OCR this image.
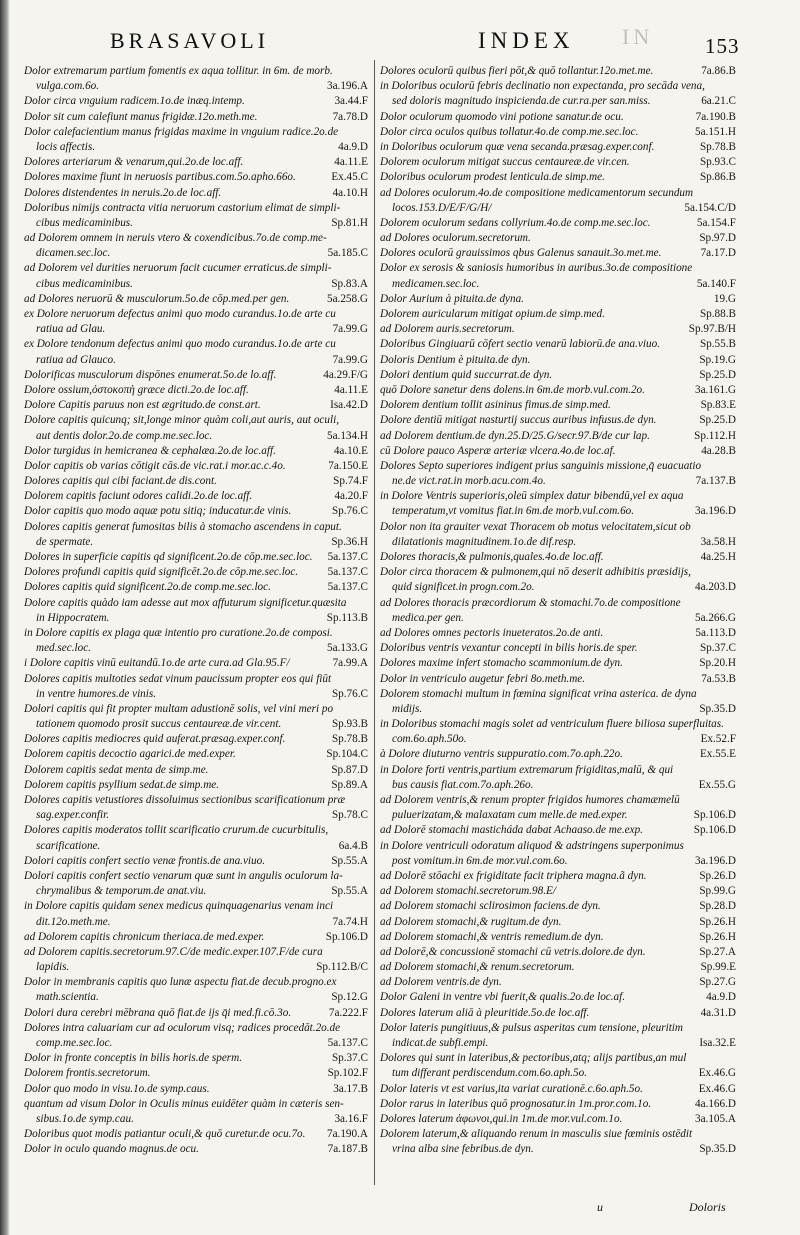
BRASAVOLI	INDEX IN 153
Dolor extremarum partium fomentis ex aqua tollitur. in 6m. de morb.
vulga.com.6o.	3a.196.A
Dolor circa vnguium radicem.1o.de inæq.intemp.	3a.44.F
Dolor sit cum calefiunt manus frigidæ.12o.meth.me.	7a.78.D
Dolor calefacientium manus frigidas maxime in vnguium radice.2o.de
locis affectis.	4a.9.D
Dolores arteriarum & venarum,qui.2o.de loc.aff.	4a.11.E
Dolores maxime fiunt in neruosis partibus.com.5o.apho.66o.	Ex.45.C
Dolores distendentes in neruis.2o.de loc.aff.	4a.10.H
Doloribus nimijs contracta vitia neruorum castorium elimat de simpli-
cibus medicaminibus.	Sp.81.H
ad Dolorem omnem in neruis vtero & coxendicibus.7o.de comp.me-
dicamen.sec.loc.	5a.185.C
ad Dolorem vel durities neruorum facit cucumer erraticus.de simpli-
cibus medicaminibus.	Sp.83.A
ad Dolores neruorū & musculorum.5o.de cōp.med.per gen.	5a.258.G
ex Dolore neruorum defectus animi quo modo curandus.1o.de arte cu
ratiua ad Glau.	7a.99.G
ex Dolore tendonum defectus animi quo modo curandus.1o.de arte cu
ratiua ad Glauco.	7a.99.G
Dolorificas musculorum dispōnes enumerat.5o.de lo.aff.	4a.29.F/G
Dolore ossium,ὀστοκοπὴ græce dicti.2o.de loc.aff.	4a.11.E
Dolore Capitis paruus non est ægritudo.de const.art.	Isa.42.D
Dolore capitis quicunq; sit,longe minor quàm coli,aut auris, aut oculi,
aut dentis dolor.2o.de comp.me.sec.loc.	5a.134.H
Dolor turgidus in hemicranea & cephalæa.2o.de loc.aff.	4a.10.E
Dolor capitis ob varias cōtigit cās.de vic.rat.i mor.ac.c.4o.	7a.150.E
Dolores capitis qui cibi faciant.de dis.cont.	Sp.74.F
Dolorem capitis faciunt odores calidi.2o.de loc.aff.	4a.20.F
Dolor capitis quo modo aquæ potu sitiq; inducatur.de vinis.	Sp.76.C
Dolores capitis generat fumositas bilis à stomacho ascendens in caput.
de spermate.	Sp.36.H
Dolores in superficie capitis qd significent.2o.de cōp.me.sec.loc. 5a.137.C
Dolores profundi capitis quid significēt.2o.de cōp.me.sec.loc.	5a.137.C
Dolores capitis quid significent.2o.de comp.me.sec.loc.	5a.137.C
Dolore capitis quàdo iam adesse aut mox affuturum significetur.quæsita
in Hippocratem.	Sp.113.B
in Dolore capitis ex plaga quæ intentio pro curatione.2o.de composi.
med.sec.loc.	5a.133.G
i Dolore capitis vinū euitandū.1o.de arte cura.ad Gla.95.F/	7a.99.A
Dolores capitis multoties sedat vinum paucissum propter eos qui fiūt
in ventre humores.de vinis.	Sp.76.C
Dolori capitis qui fit propter multam adustionē solis, vel vini meri po
tationem quomodo prosit succus centaureæ.de vir.cent.	Sp.93.B
Dolores capitis mediocres quid auferat.præsag.exper.conf.	Sp.78.B
Dolorem capitis decoctio agarici.de med.exper.	Sp.104.C
Dolorem capitis sedat menta de simp.me.	Sp.87.D
Dolorem capitis psyllium sedat.de simp.me.	Sp.89.A
Dolores capitis vetustiores dissoluimus sectionibus scarificationum præ
sag.exper.confir.	Sp.78.C
Dolores capitis moderatos tollit scarificatio crurum.de cucurbitulis,
scarificatione.	6a.4.B
Dolori capitis confert sectio venæ frontis.de ana.viuo.	Sp.55.A
Dolori capitis confert sectio venarum quæ sunt in angulis oculorum la-
chrymalibus & temporum.de anat.viu.	Sp.55.A
in Dolore capitis quidam senex medicus quinquagenarius venam inci
dit.12o.meth.me.	7a.74.H
ad Dolorem capitis chronicum theriaca.de med.exper.	Sp.106.D
ad Dolorem capitis.secretorum.97.C/de medic.exper.107.F/de cura
lapidis.	Sp.112.B/C
Dolor in membranis capitis quo lunæ aspectu fiat.de decub.progno.ex
math.scientia.	Sp.12.G
Dolori dura cerebri mēbrana quō fiat.de ijs q̄i med.fi.cō.3o.	7a.222.F
Dolores intra caluariam cur ad oculorum visq; radices procedāt.2o.de
comp.me.sec.loc.	5a.137.C
Dolor in fronte conceptis in bilis horis.de sperm.	Sp.37.C
Dolorem frontis.secretorum.	Sp.102.F
Dolor quo modo in visu.1o.de symp.caus.	3a.17.B
quantum ad visum Dolor in Oculis minus euidēter quàm in cæteris sen-
sibus.1o.de symp.cau.	3a.16.F
Doloribus quot modis patiantur oculi,& quō curetur.de ocu.7o. 7a.190.A
Dolor in oculo quando magnus.de ocu.	7a.187.B
Dolores oculorū quibus fieri pōt,& quō tollantur.12o.met.me.	7a.86.B
in Doloribus oculorū febris declinatio non expectanda, pro secāda vena,
sed doloris magnitudo inspicienda.de cur.ra.per san.miss.	6a.21.C
Dolor oculorum quomodo vini potione sanatur.de ocu.	7a.190.B
Dolor circa oculos quibus tollatur.4o.de comp.me.sec.loc.	5a.151.H
in Doloribus oculorum quæ vena secanda.præsag.exper.conf.	Sp.78.B
Dolorem oculorum mitigat succus centaureæ.de vir.cen.	Sp.93.C
Doloribus oculorum prodest lenticula.de simp.me.	Sp.86.B
ad Dolores oculorum.4o.de compositione medicamentorum secundum
locos.153.D/E/F/G/H/	5a.154.C/D
Dolorem oculorum sedans collyrium.4o.de comp.me.sec.loc.	5a.154.F
ad Dolores oculorum.secretorum.	Sp.97.D
Dolores oculorū grauissimos qbus Galenus sanauit.3o.met.me.	7a.17.D
Dolor ex serosis & saniosis humoribus in auribus.3o.de compositione
medicamen.sec.loc.	5a.140.F
Dolor Aurium à pituita.de dyna.	19.G
Dolorem auricularum mitigat opium.de simp.med.	Sp.88.B
ad Dolorem auris.secretorum.	Sp.97.B/H
Doloribus Gingiuarū cōfert sectio venarū labiorū.de ana.viuo.	Sp.55.B
Doloris Dentium è pituita.de dyn.	Sp.19.G
Dolori dentium quid succurrat.de dyn.	Sp.25.D
quō Dolore sanetur dens dolens.in 6m.de morb.vul.com.2o.	3a.161.G
Dolorem dentium tollit asininus fimus.de simp.med.	Sp.83.E
Dolore dentiū mitigat nasturtij succus auribus infusus.de dyn.	Sp.25.D
ad Dolorem dentium.de dyn.25.D/25.G/secr.97.B/de cur lap.	Sp.112.H
cū Dolore pauco Asperæ arteriæ vlcera.4o.de loc.af.	4a.28.B
Dolores Septo superiores indigent prius sanguinis missione,q̄ euacuatio
ne.de vict.rat.in morb.acu.com.4o.	7a.137.B
in Dolore Ventris superioris,oleū simplex datur bibendū,vel ex aqua
temperatum,vt vomitus fiat.in 6m.de morb.vul.com.6o.	3a.196.D
Dolor non ita grauiter vexat Thoracem ob motus velocitatem,sicut ob
dilatationis magnitudinem.1o.de dif.resp.	3a.58.H
Dolores thoracis,& pulmonis,quales.4o.de loc.aff.	4a.25.H
Dolor circa thoracem & pulmonem,qui nō deserit adhibitis præsidijs,
quid significet.in progn.com.2o.	4a.203.D
ad Dolores thoracis præcordiorum & stomachi.7o.de compositione
medica.per gen.	5a.266.G
ad Dolores omnes pectoris inueteratos.2o.de anti.	5a.113.D
Doloribus ventris vexantur concepti in bilis horis.de sper.	Sp.37.C
Dolores maxime infert stomacho scammonium.de dyn.	Sp.20.H
Dolor in ventriculo augetur febri 8o.meth.me.	7a.53.B
Dolorem stomachi multum in fœmina significat vrina asterica. de dyna
midijs.	Sp.35.D
in Doloribus stomachi magis solet ad ventriculum fluere biliosa superfluitas.
com.6o.aph.50o.	Ex.52.F
à Dolore diuturno ventris suppuratio.com.7o.aph.22o.	Ex.55.E
in Dolore forti ventris,partium extremarum frigiditas,malū, & qui
bus causis fiat.com.7o.aph.26o.	Ex.55.G
ad Dolorem ventris,& renum propter frigidos humores chamæmelū
puluerizatam,& malaxatam cum melle.de med.exper.	Sp.106.D
ad Dolorē stomachi masticháda dabat Achaaso.de me.exp.	Sp.106.D
in Dolore ventriculi odoratum aliquod & adstringens superponimus
post vomitum.in 6m.de mor.vul.com.6o.	3a.196.D
ad Dolorē stōachi ex frigiditate facit triphera magna.ã dyn.	Sp.26.D
ad Dolorem stomachi.secretorum.98.E/	Sp.99.G
ad Dolorem stomachi sclirosimon faciens.de dyn.	Sp.28.D
ad Dolorem stomachi,& rugitum.de dyn.	Sp.26.H
ad Dolorem stomachi,& ventris remedium.de dyn.	Sp.26.H
ad Dolorē,& concussionē stomachi cū vetris.dolore.de dyn.	Sp.27.A
ad Dolorem stomachi,& renum.secretorum.	Sp.99.E
ad Dolorem ventris.de dyn.	Sp.27.G
Dolor Galeni in ventre vbi fuerit,& qualis.2o.de loc.af.	4a.9.D
Dolores laterum aliā à pleuritide.5o.de loc.aff.	4a.31.D
Dolor lateris pungitiuus,& pulsus asperitas cum tensione, pleuritim
indicat.de subfi.empi.	Isa.32.E
Dolores qui sunt in lateribus,& pectoribus,atq; alijs partibus,an mul
tum differant perdiscendum.com.6o.aph.5o.	Ex.46.G
Dolor lateris vt est varius,ita variat curationē.c.6o.aph.5o.	Ex.46.G
Dolor rarus in lateribus quō prognosatur.in 1m.pror.com.1o.	4a.166.D
Dolores laterum ἀφωνοι,qui.in 1m.de mor.vul.com.1o.	3a.105.A
Dolorem laterum,& aliquando renum in masculis siue fœminis ostēdit
vrina alba sine febribus.de dyn.	Sp.35.D
u	Doloris
